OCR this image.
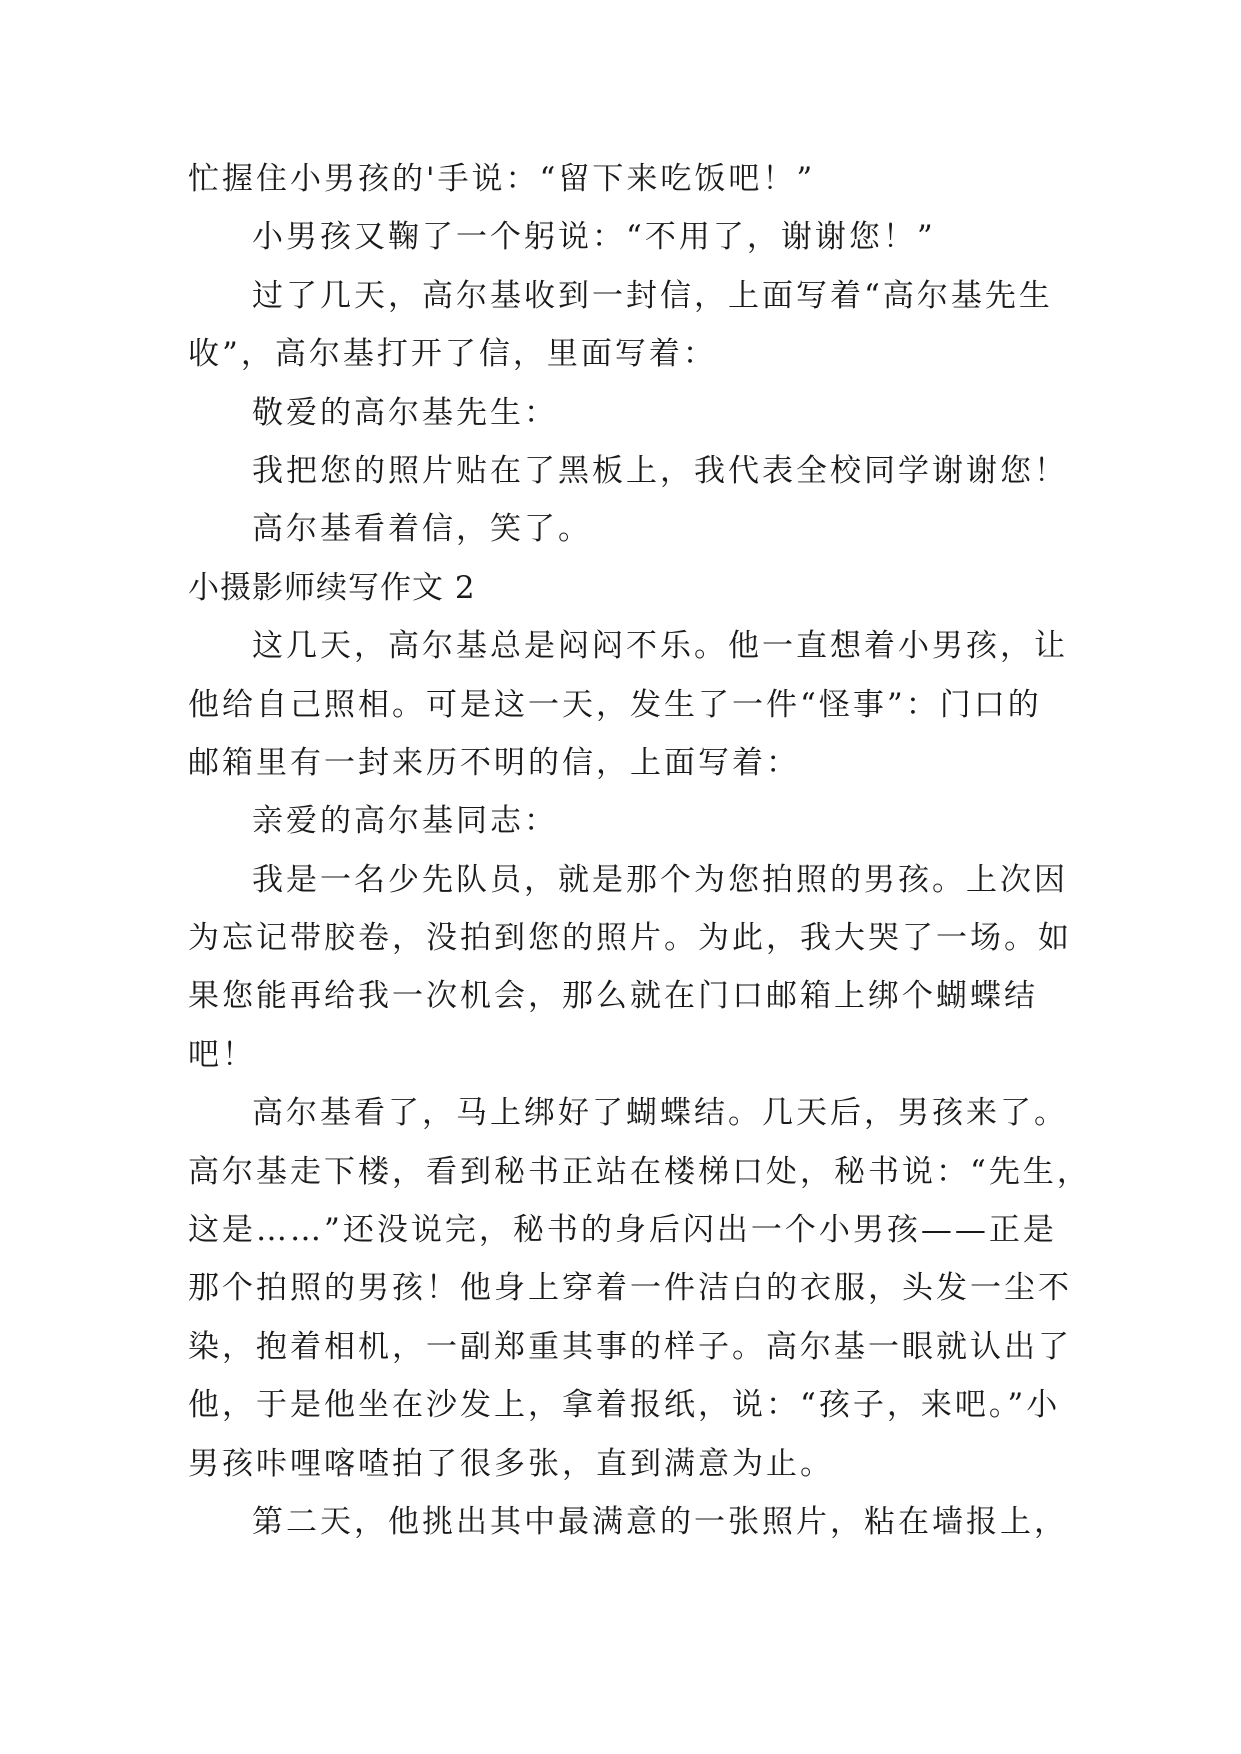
忙握住小男孩的'手说：“留下来吃饭吧！”
小男孩又鞠了一个躬说：“不用了，谢谢您！”
过了几天，高尔基收到一封信，上面写着“高尔基先生
收”，高尔基打开了信，里面写着：
敬爱的高尔基先生：
我把您的照片贴在了黑板上，我代表全校同学谢谢您！
高尔基看着信，笑了。
小摄影师续写作文 2
这几天，高尔基总是闷闷不乐。他一直想着小男孩，让
他给自己照相。可是这一天，发生了一件“怪事”：门口的
邮箱里有一封来历不明的信，上面写着：
亲爱的高尔基同志：
我是一名少先队员，就是那个为您拍照的男孩。上次因
为忘记带胶卷，没拍到您的照片。为此，我大哭了一场。如
果您能再给我一次机会，那么就在门口邮箱上绑个蝴蝶结
吧！
高尔基看了，马上绑好了蝴蝶结。几天后，男孩来了。
高尔基走下楼，看到秘书正站在楼梯口处，秘书说：“先生，
这是……”还没说完，秘书的身后闪出一个小男孩——正是
那个拍照的男孩！他身上穿着一件洁白的衣服，头发一尘不
染，抱着相机，一副郑重其事的样子。高尔基一眼就认出了
他，于是他坐在沙发上，拿着报纸，说：“孩子，来吧。”小
男孩咔哩喀喳拍了很多张，直到满意为止。
第二天，他挑出其中最满意的一张照片，粘在墙报上，
